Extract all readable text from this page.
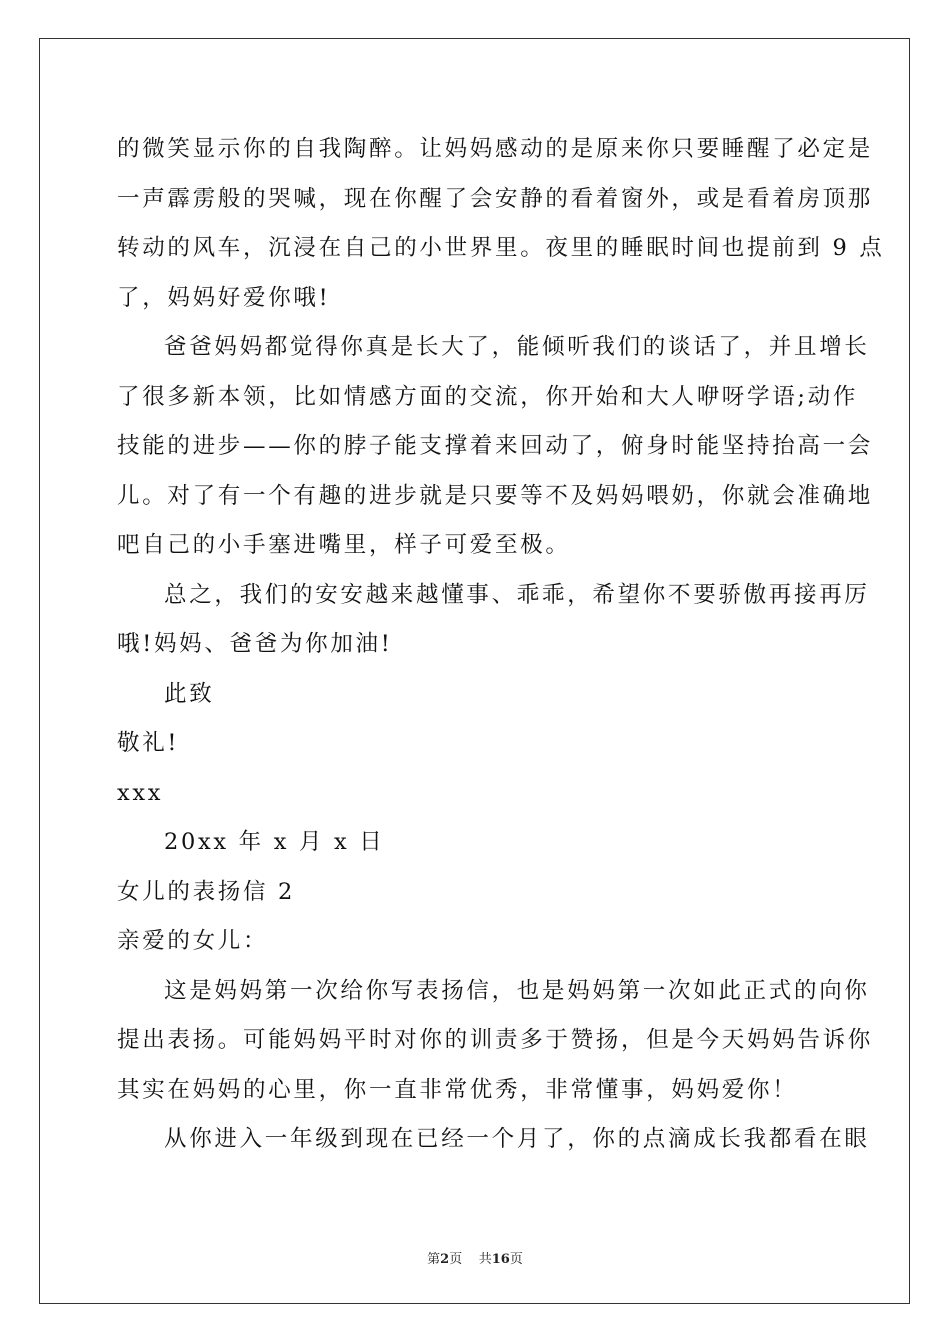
的微笑显示你的自我陶醉。让妈妈感动的是原来你只要睡醒了必定是
一声霹雳般的哭喊，现在你醒了会安静的看着窗外，或是看着房顶那
转动的风车，沉浸在自己的小世界里。夜里的睡眠时间也提前到 9 点
了，妈妈好爱你哦!
爸爸妈妈都觉得你真是长大了，能倾听我们的谈话了，并且增长
了很多新本领，比如情感方面的交流，你开始和大人咿呀学语;动作
技能的进步——你的脖子能支撑着来回动了，俯身时能坚持抬高一会
儿。对了有一个有趣的进步就是只要等不及妈妈喂奶，你就会准确地
吧自己的小手塞进嘴里，样子可爱至极。
总之，我们的安安越来越懂事、乖乖，希望你不要骄傲再接再厉
哦!妈妈、爸爸为你加油!
此致
敬礼!
xxx
20xx 年 x 月 x 日
女儿的表扬信 2
亲爱的女儿：
这是妈妈第一次给你写表扬信，也是妈妈第一次如此正式的向你
提出表扬。可能妈妈平时对你的训责多于赞扬，但是今天妈妈告诉你
其实在妈妈的心里，你一直非常优秀，非常懂事，妈妈爱你！
从你进入一年级到现在已经一个月了，你的点滴成长我都看在眼
第2页 共16页
